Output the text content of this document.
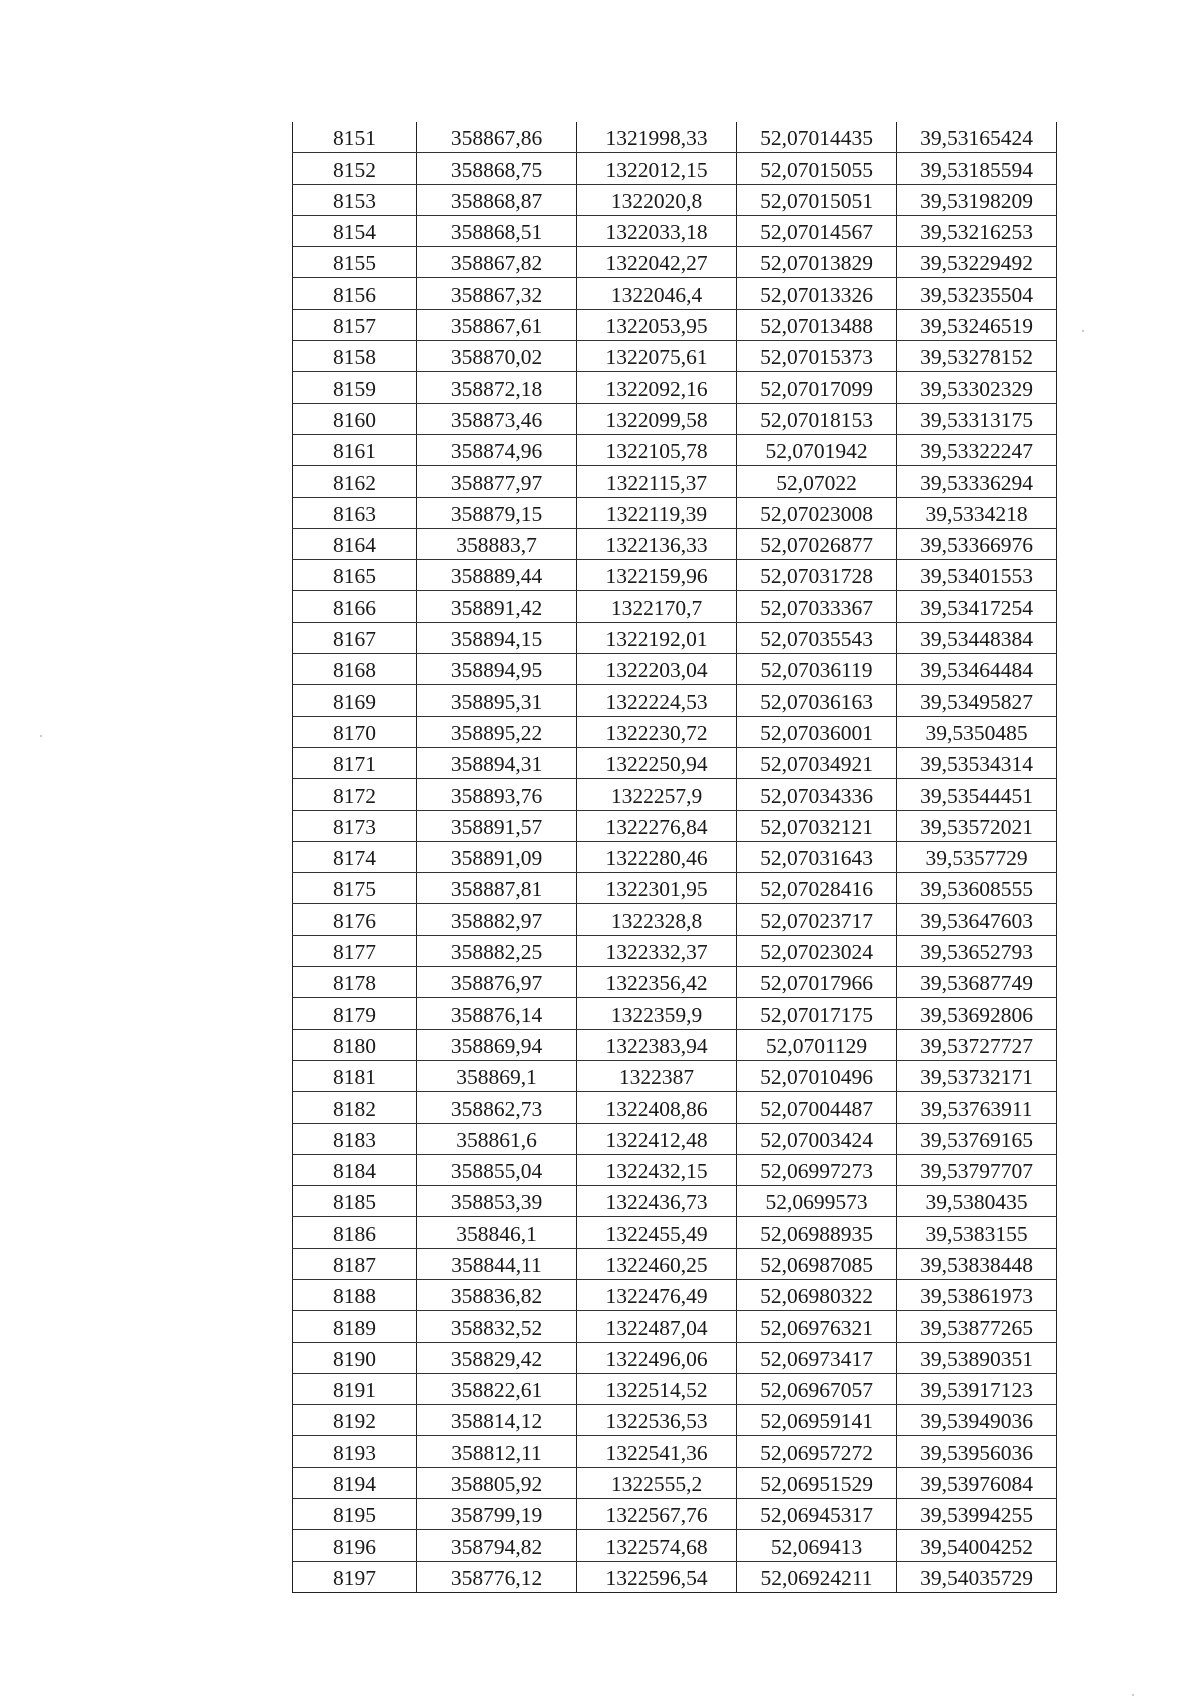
8151	358867,86	1321998,33	52,07014435	39,53165424
8152	358868,75	1322012,15	52,07015055	39,53185594
8153	358868,87	1322020,8	52,07015051	39,53198209
8154	358868,51	1322033,18	52,07014567	39,53216253
8155	358867,82	1322042,27	52,07013829	39,53229492
8156	358867,32	1322046,4	52,07013326	39,53235504
8157	358867,61	1322053,95	52,07013488	39,53246519
8158	358870,02	1322075,61	52,07015373	39,53278152
8159	358872,18	1322092,16	52,07017099	39,53302329
8160	358873,46	1322099,58	52,07018153	39,53313175
8161	358874,96	1322105,78	52,0701942	39,53322247
8162	358877,97	1322115,37	52,07022	39,53336294
8163	358879,15	1322119,39	52,07023008	39,5334218
8164	358883,7	1322136,33	52,07026877	39,53366976
8165	358889,44	1322159,96	52,07031728	39,53401553
8166	358891,42	1322170,7	52,07033367	39,53417254
8167	358894,15	1322192,01	52,07035543	39,53448384
8168	358894,95	1322203,04	52,07036119	39,53464484
8169	358895,31	1322224,53	52,07036163	39,53495827
8170	358895,22	1322230,72	52,07036001	39,5350485
8171	358894,31	1322250,94	52,07034921	39,53534314
8172	358893,76	1322257,9	52,07034336	39,53544451
8173	358891,57	1322276,84	52,07032121	39,53572021
8174	358891,09	1322280,46	52,07031643	39,5357729
8175	358887,81	1322301,95	52,07028416	39,53608555
8176	358882,97	1322328,8	52,07023717	39,53647603
8177	358882,25	1322332,37	52,07023024	39,53652793
8178	358876,97	1322356,42	52,07017966	39,53687749
8179	358876,14	1322359,9	52,07017175	39,53692806
8180	358869,94	1322383,94	52,0701129	39,53727727
8181	358869,1	1322387	52,07010496	39,53732171
8182	358862,73	1322408,86	52,07004487	39,53763911
8183	358861,6	1322412,48	52,07003424	39,53769165
8184	358855,04	1322432,15	52,06997273	39,53797707
8185	358853,39	1322436,73	52,0699573	39,5380435
8186	358846,1	1322455,49	52,06988935	39,5383155
8187	358844,11	1322460,25	52,06987085	39,53838448
8188	358836,82	1322476,49	52,06980322	39,53861973
8189	358832,52	1322487,04	52,06976321	39,53877265
8190	358829,42	1322496,06	52,06973417	39,53890351
8191	358822,61	1322514,52	52,06967057	39,53917123
8192	358814,12	1322536,53	52,06959141	39,53949036
8193	358812,11	1322541,36	52,06957272	39,53956036
8194	358805,92	1322555,2	52,06951529	39,53976084
8195	358799,19	1322567,76	52,06945317	39,53994255
8196	358794,82	1322574,68	52,069413	39,54004252
8197	358776,12	1322596,54	52,06924211	39,54035729
